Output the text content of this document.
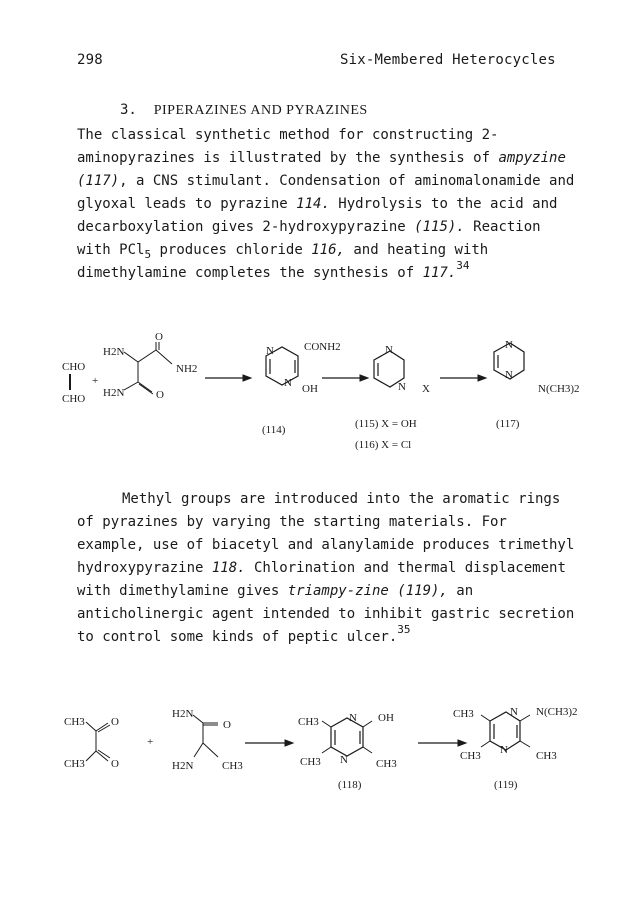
298	Six-Membered Heterocycles
3. PIPERAZINES AND PYRAZINES
The classical synthetic method for constructing 2-aminopyrazines is illustrated by the synthesis of ampyzine (117), a CNS stimulant. Condensation of aminomalonamide and glyoxal leads to pyrazine 114. Hydrolysis to the acid and decarboxylation gives 2-hydroxypyrazine (115). Reaction with PCl$_5$ produces chloride 116, and heating with dimethylamine completes the synthesis of 117.34
CHO
CHO
+
O
H2N
NH2
H2N	O
N	CONH2
N OH
N
N X
N
N
N(CH3)2
(114)	(115) X = OH
(116) X = Cl
(117)
Methyl groups are introduced into the aromatic rings of pyrazines by varying the starting materials. For example, use of biacetyl and alanylamide produces trimethyl hydroxypyrazine 118. Chlorination and thermal displacement with dimethylamine gives triampy-zine (119), an anticholinergic agent intended to inhibit gastric secretion to control some kinds of peptic ulcer.$^{35}$
CH3 O
CH3 O
+
H2N
O
H2N	CH3
CH3	N OH
CH3 N	CH3
CH3	N N(CH3)2
CH3 N	CH3
(118)	(119)
